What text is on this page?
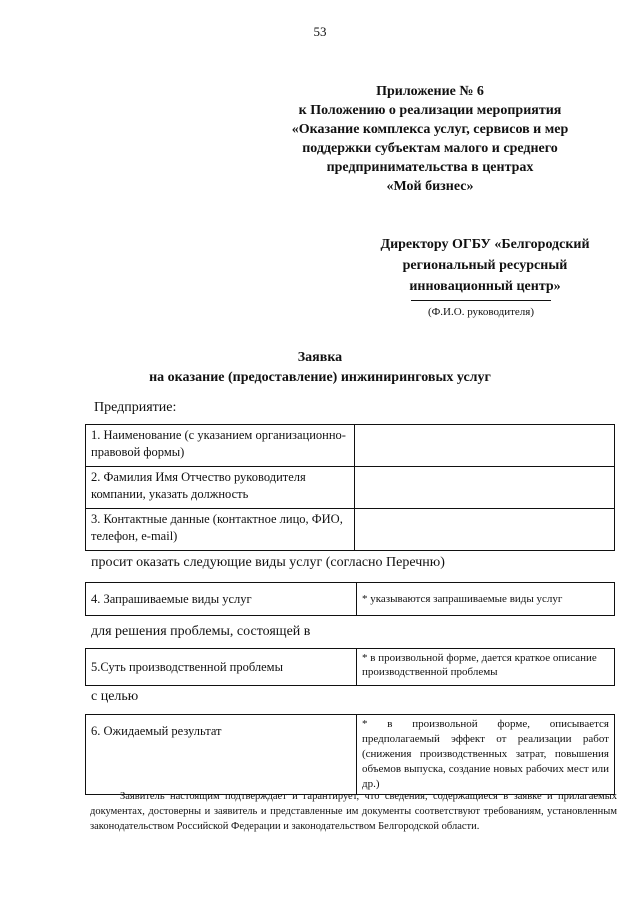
53
Приложение № 6
к Положению о реализации мероприятия
«Оказание комплекса услуг, сервисов и мер
поддержки субъектам малого и среднего
предпринимательства в центрах
«Мой бизнес»
Директору ОГБУ «Белгородский
региональный ресурсный
инновационный центр»
(Ф.И.О. руководителя)
Заявка
на оказание (предоставление) инжиниринговых услуг
Предприятие:
1. Наименование (с указанием организационно-правовой формы)	
2. Фамилия Имя Отчество руководителя компании, указать должность	
3. Контактные данные (контактное лицо, ФИО, телефон, e-mail)	
просит оказать следующие виды услуг (согласно Перечню)
4. Запрашиваемые виды услуг	* указываются запрашиваемые виды услуг
для решения проблемы, состоящей в
5.Суть производственной проблемы	* в произвольной форме, дается краткое описание производственной проблемы
с целью
6. Ожидаемый результат	* в произвольной форме, описывается предполагаемый эффект от реализации работ (снижения производственных затрат, повышения объемов выпуска, создание новых рабочих мест или др.)
Заявитель настоящим подтверждает и гарантирует, что сведения, содержащиеся в заявке и прилагаемых документах, достоверны и заявитель и представленные им документы соответствуют требованиям, установленным законодательством Российской Федерации и законодательством Белгородской области.
